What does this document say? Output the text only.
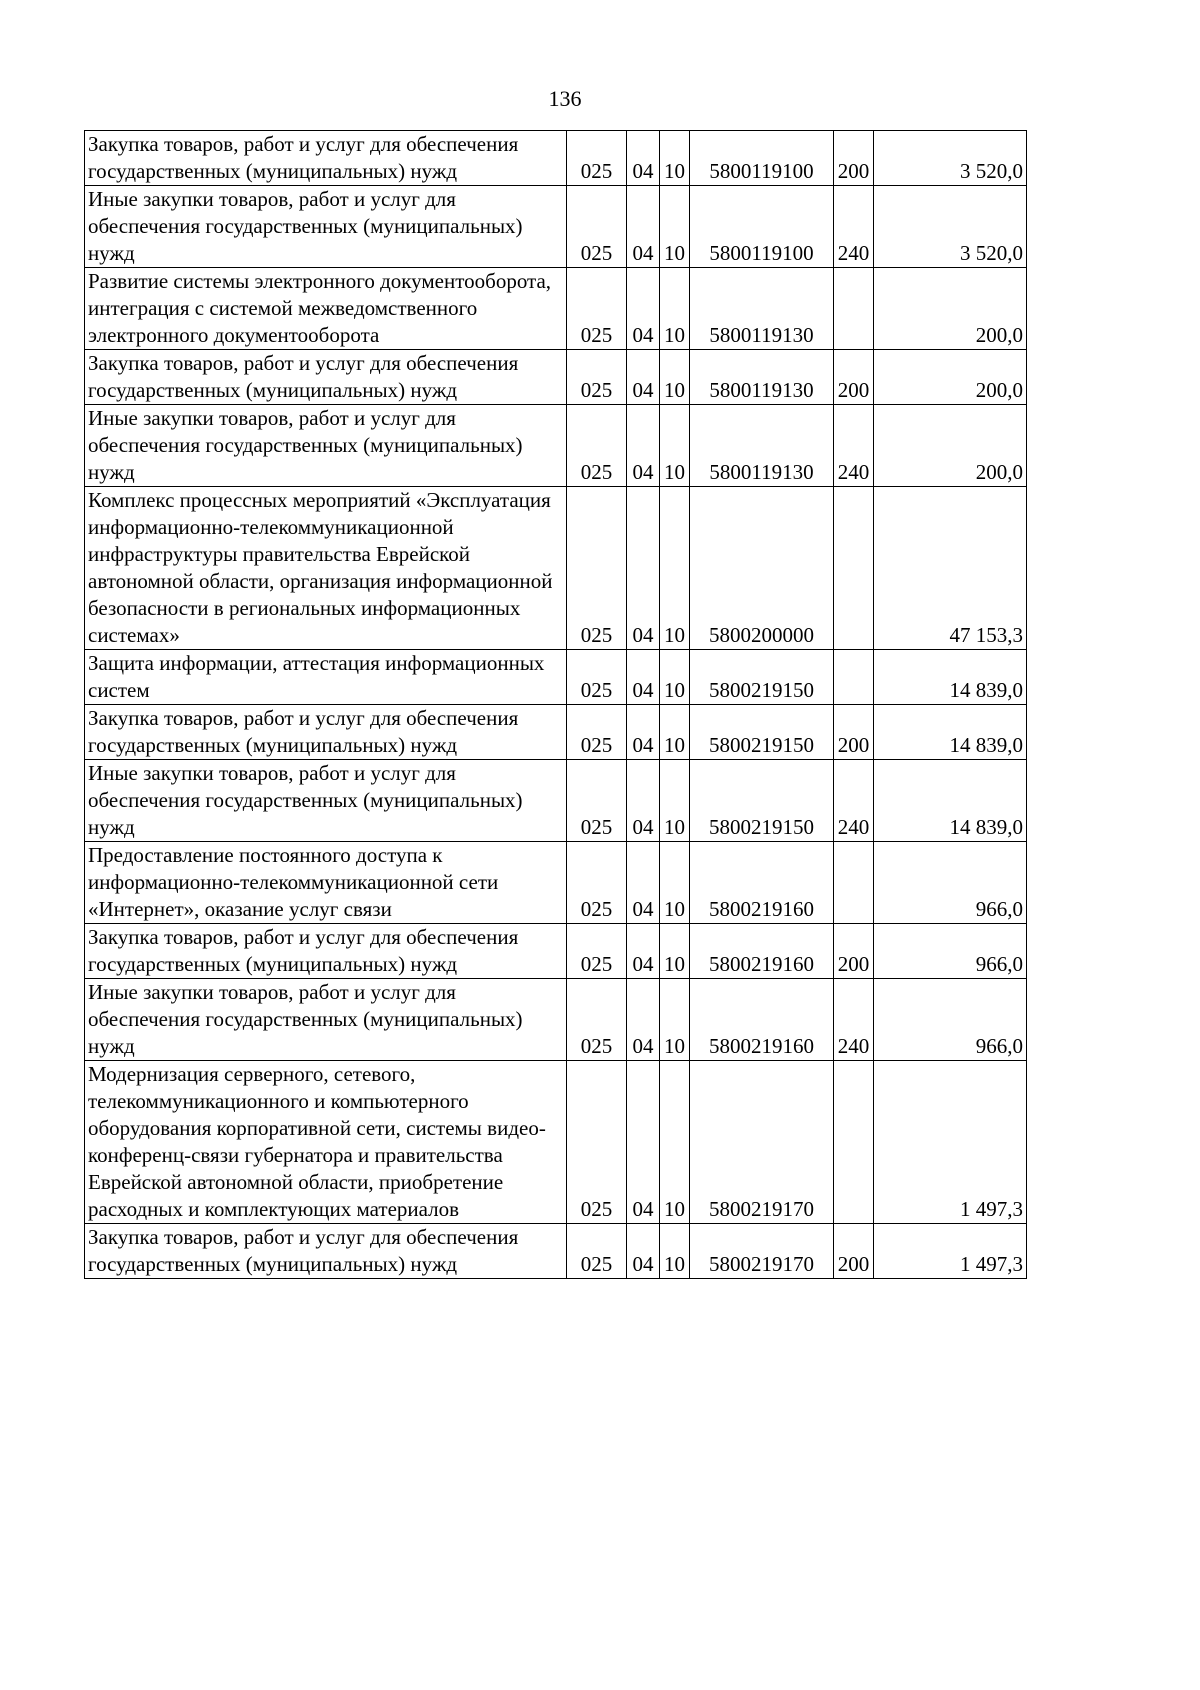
136
Закупка товаров, работ и услуг для обеспечения государственных (муниципальных) нужд	025	04	10	5800119100	200	3 520,0
Иные закупки товаров, работ и услуг для обеспечения государственных (муниципальных) нужд	025	04	10	5800119100	240	3 520,0
Развитие системы электронного документооборота, интеграция с системой межведомственного электронного документооборота	025	04	10	5800119130		200,0
Закупка товаров, работ и услуг для обеспечения государственных (муниципальных) нужд	025	04	10	5800119130	200	200,0
Иные закупки товаров, работ и услуг для обеспечения государственных (муниципальных) нужд	025	04	10	5800119130	240	200,0
Комплекс процессных мероприятий «Эксплуатация информационно-телекоммуникационной инфраструктуры правительства Еврейской автономной области, организация информационной безопасности в региональных информационных системах»	025	04	10	5800200000		47 153,3
Защита информации, аттестация информационных систем	025	04	10	5800219150		14 839,0
Закупка товаров, работ и услуг для обеспечения государственных (муниципальных) нужд	025	04	10	5800219150	200	14 839,0
Иные закупки товаров, работ и услуг для обеспечения государственных (муниципальных) нужд	025	04	10	5800219150	240	14 839,0
Предоставление постоянного доступа к информационно-телекоммуникационной сети «Интернет», оказание услуг связи	025	04	10	5800219160		966,0
Закупка товаров, работ и услуг для обеспечения государственных (муниципальных) нужд	025	04	10	5800219160	200	966,0
Иные закупки товаров, работ и услуг для обеспечения государственных (муниципальных) нужд	025	04	10	5800219160	240	966,0
Модернизация серверного, сетевого, телекоммуникационного и компьютерного оборудования корпоративной сети, системы видео-конференц-связи губернатора и правительства Еврейской автономной области, приобретение расходных и комплектующих материалов	025	04	10	5800219170		1 497,3
Закупка товаров, работ и услуг для обеспечения государственных (муниципальных) нужд	025	04	10	5800219170	200	1 497,3
